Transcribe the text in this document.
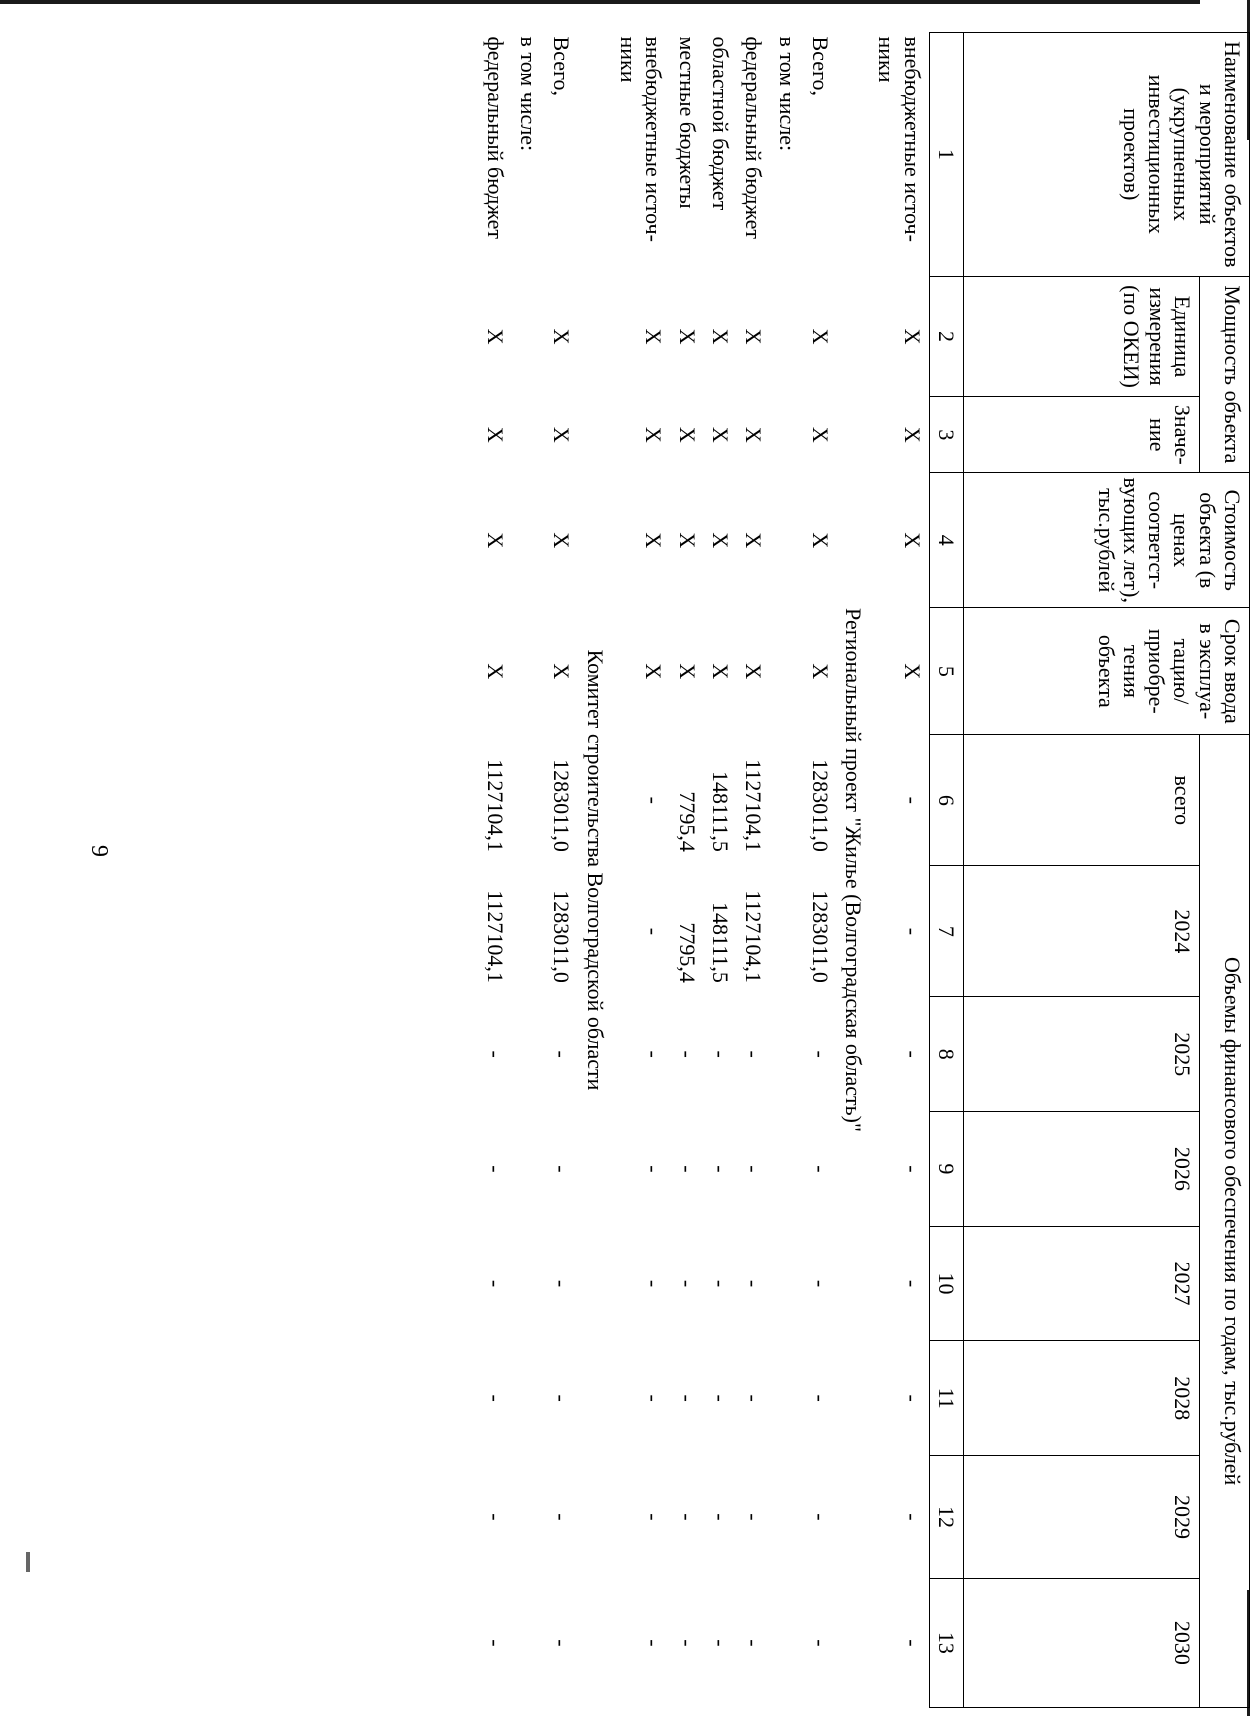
9
Наименование объектов и мероприятий (укрупненных инвестиционных проектов)	Мощность объекта		Стоимость объекта (в ценах соответст-вующих лет), тыс.рублей	Срок ввода в эксплуа-тацию/ приобре-тения объекта	Объемы финансового обеспечения по годам, тыс.рублей							
	Единица измерения (по ОКЕИ)	Значе-ние			всего	2024	2025	2026	2027	2028	2029	2030

1	2	3	4	5	6	7	8	9	10	11	12	13
внебюджетные источ-ники	X	X	X	X	-	-	-	-	-	-	-	-
Региональный проект "Жилье (Волгоградская область)"												
Всего,	X	X	X	X	1283011,0	1283011,0	-	-	-	-	-	-
в том числе:												
федеральный бюджет	X	X	X	X	1127104,1	1127104,1	-	-	-	-	-	-
областной бюджет	X	X	X	X	148111,5	148111,5	-	-	-	-	-	-
местные бюджеты	X	X	X	X	7795,4	7795,4	-	-	-	-	-	-
внебюджетные источ-ники	X	X	X	X	-	-	-	-	-	-	-	-
Комитет строительства Волгоградской области												
Всего,	X	X	X	X	1283011,0	1283011,0	-	-	-	-	-	-
в том числе:												
федеральный бюджет	X	X	X	X	1127104,1	1127104,1	-	-	-	-	-	-
